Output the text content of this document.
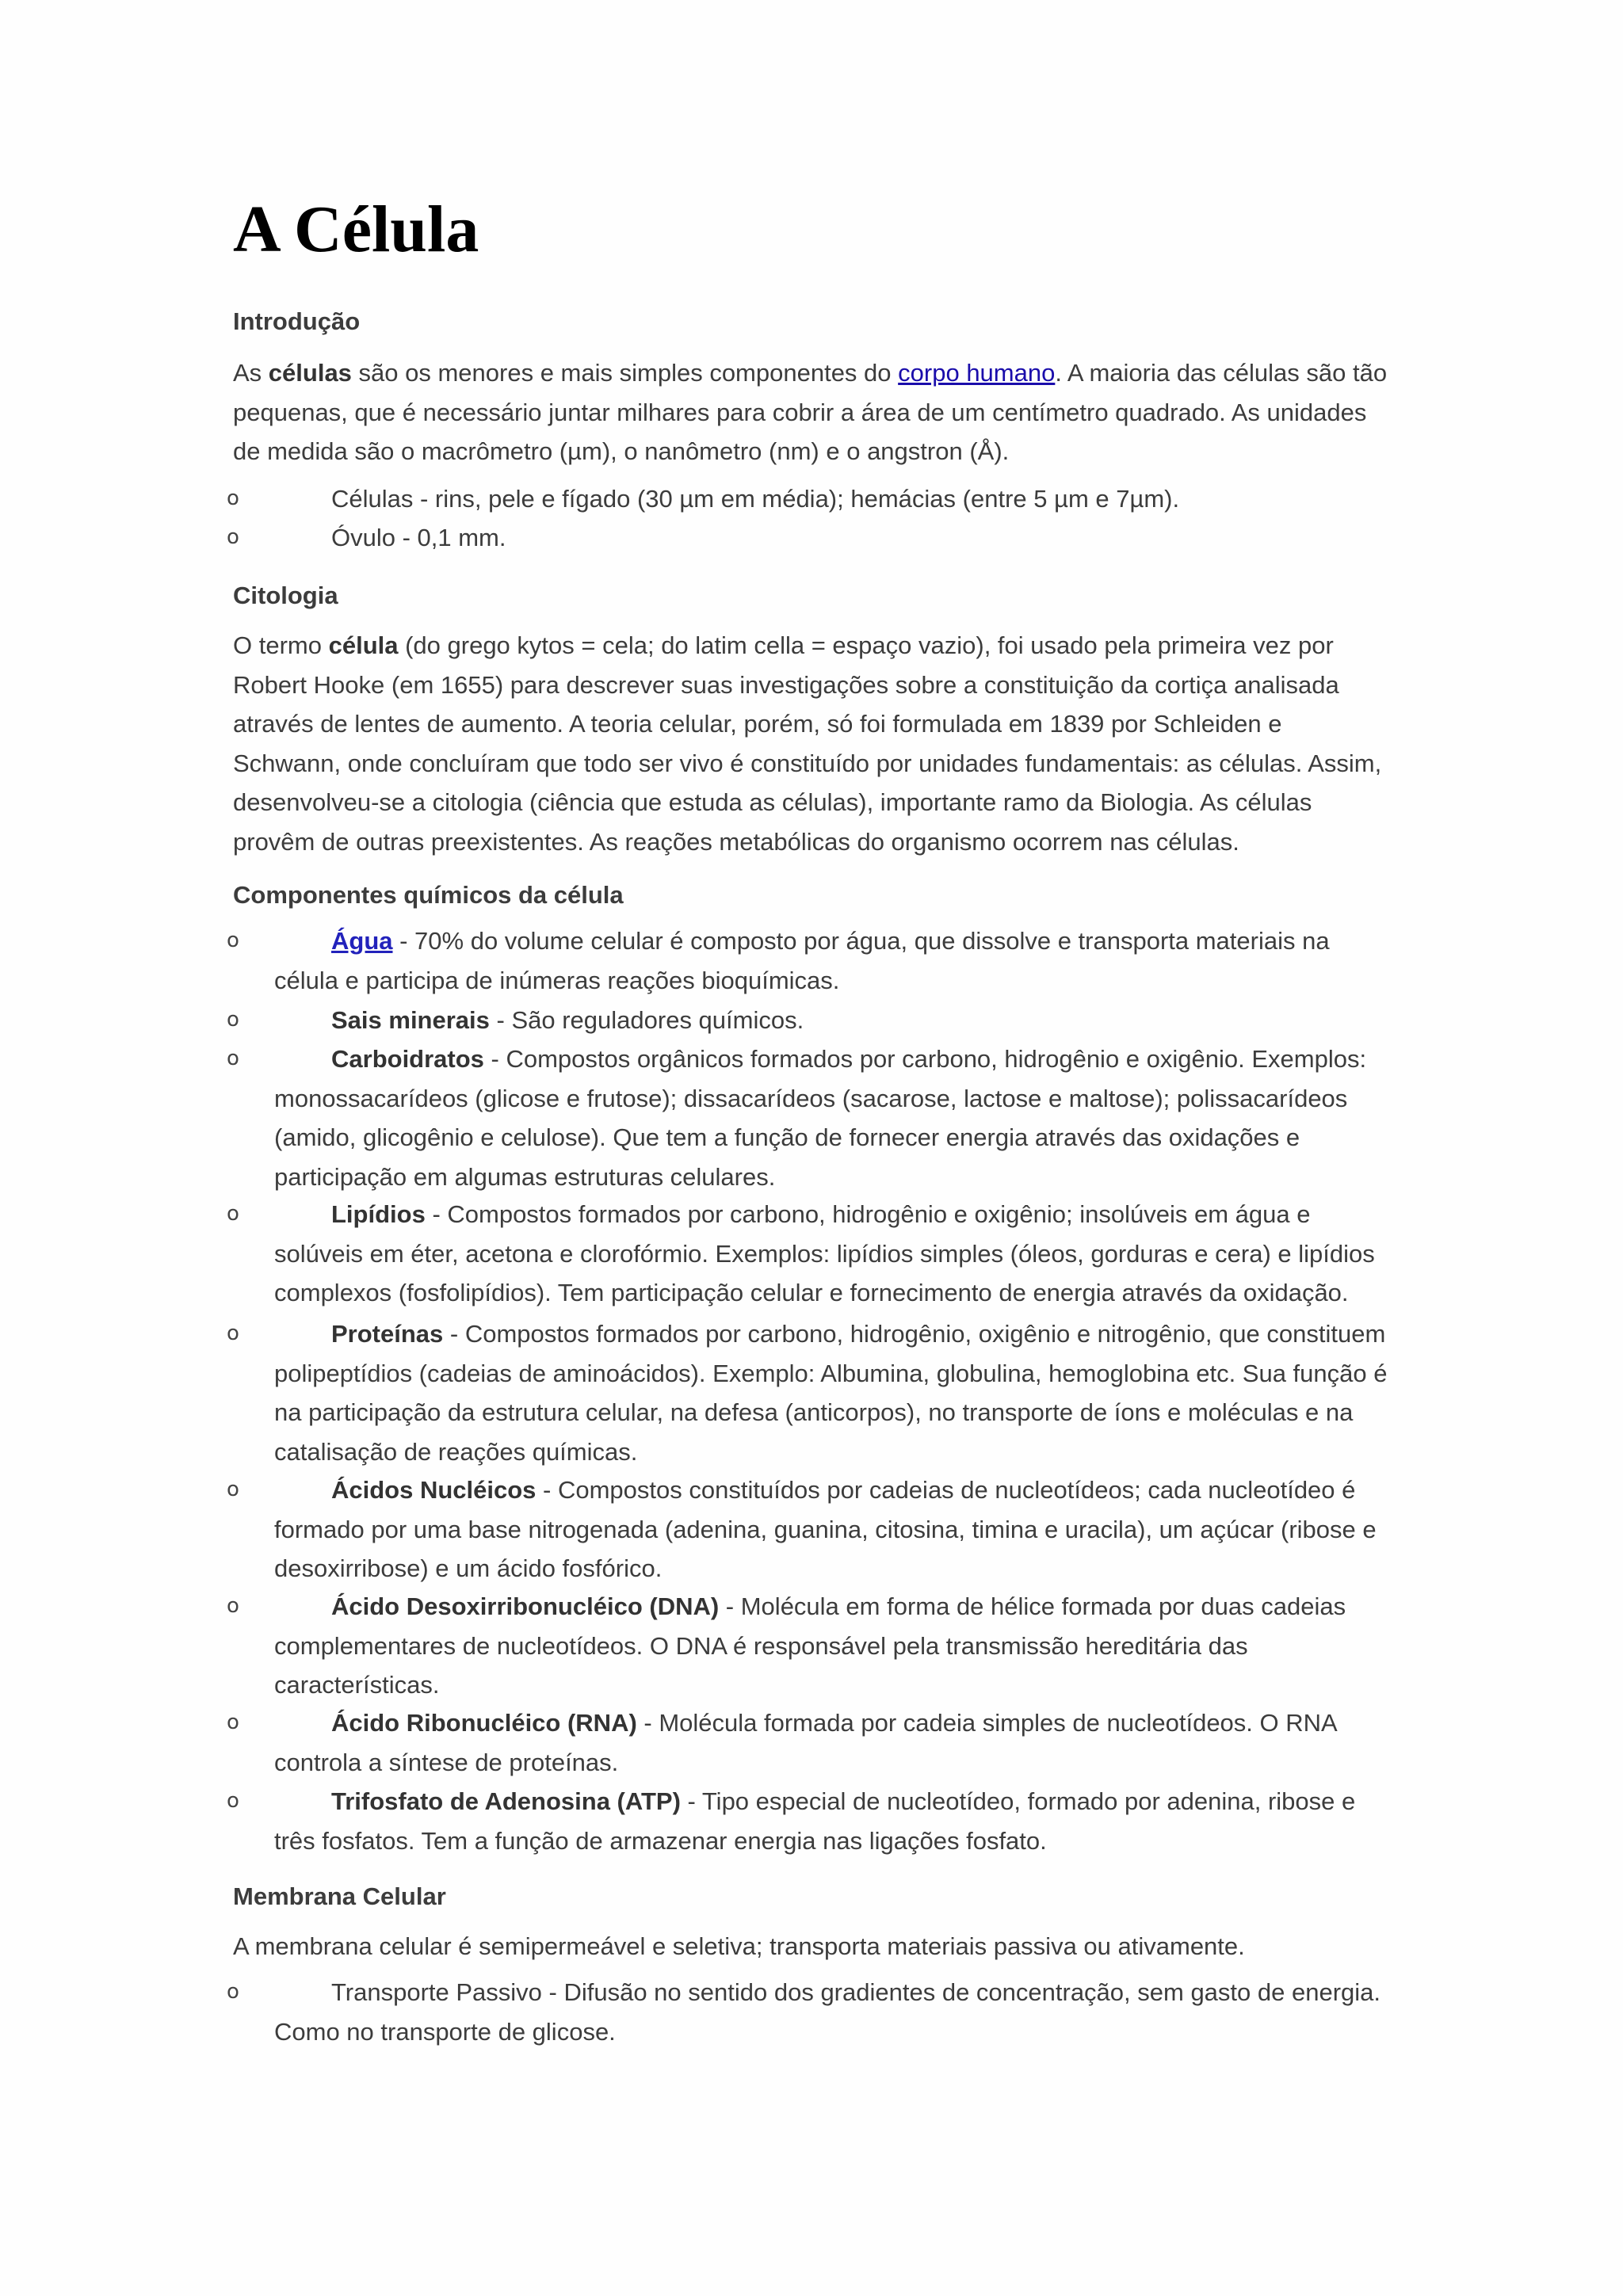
A Célula
Introdução
As células são os menores e mais simples componentes do corpo humano. A maioria das células são tão
pequenas, que é necessário juntar milhares para cobrir a área de um centímetro quadrado. As unidades
de medida são o macrômetro (µm), o nanômetro (nm) e o angstron (Å).
o	Células - rins, pele e fígado (30 µm em média); hemácias (entre 5 µm e 7µm).
o	Óvulo - 0,1 mm.
Citologia
O termo célula (do grego kytos = cela; do latim cella = espaço vazio), foi usado pela primeira vez por
Robert Hooke (em 1655) para descrever suas investigações sobre a constituição da cortiça analisada
através de lentes de aumento. A teoria celular, porém, só foi formulada em 1839 por Schleiden e
Schwann, onde concluíram que todo ser vivo é constituído por unidades fundamentais: as células. Assim,
desenvolveu-se a citologia (ciência que estuda as células), importante ramo da Biologia. As células
provêm de outras preexistentes. As reações metabólicas do organismo ocorrem nas células.
Componentes químicos da célula
o	Água - 70% do volume celular é composto por água, que dissolve e transporta materiais na
célula e participa de inúmeras reações bioquímicas.
o	Sais minerais - São reguladores químicos.
o	Carboidratos - Compostos orgânicos formados por carbono, hidrogênio e oxigênio. Exemplos:
monossacarídeos (glicose e frutose); dissacarídeos (sacarose, lactose e maltose); polissacarídeos
(amido, glicogênio e celulose). Que tem a função de fornecer energia através das oxidações e
participação em algumas estruturas celulares.
o	Lipídios - Compostos formados por carbono, hidrogênio e oxigênio; insolúveis em água e
solúveis em éter, acetona e clorofórmio. Exemplos: lipídios simples (óleos, gorduras e cera) e lipídios
complexos (fosfolipídios). Tem participação celular e fornecimento de energia através da oxidação.
o	Proteínas - Compostos formados por carbono, hidrogênio, oxigênio e nitrogênio, que constituem
polipeptídios (cadeias de aminoácidos). Exemplo: Albumina, globulina, hemoglobina etc. Sua função é
na participação da estrutura celular, na defesa (anticorpos), no transporte de íons e moléculas e na
catalisação de reações químicas.
o	Ácidos Nucléicos - Compostos constituídos por cadeias de nucleotídeos; cada nucleotídeo é
formado por uma base nitrogenada (adenina, guanina, citosina, timina e uracila), um açúcar (ribose e
desoxirribose) e um ácido fosfórico.
o	Ácido Desoxirribonucléico (DNA) - Molécula em forma de hélice formada por duas cadeias
complementares de nucleotídeos. O DNA é responsável pela transmissão hereditária das
características.
o	Ácido Ribonucléico (RNA) - Molécula formada por cadeia simples de nucleotídeos. O RNA
controla a síntese de proteínas.
o	Trifosfato de Adenosina (ATP) - Tipo especial de nucleotídeo, formado por adenina, ribose e
três fosfatos. Tem a função de armazenar energia nas ligações fosfato.
Membrana Celular
A membrana celular é semipermeável e seletiva; transporta materiais passiva ou ativamente.
o	Transporte Passivo - Difusão no sentido dos gradientes de concentração, sem gasto de energia.
Como no transporte de glicose.
